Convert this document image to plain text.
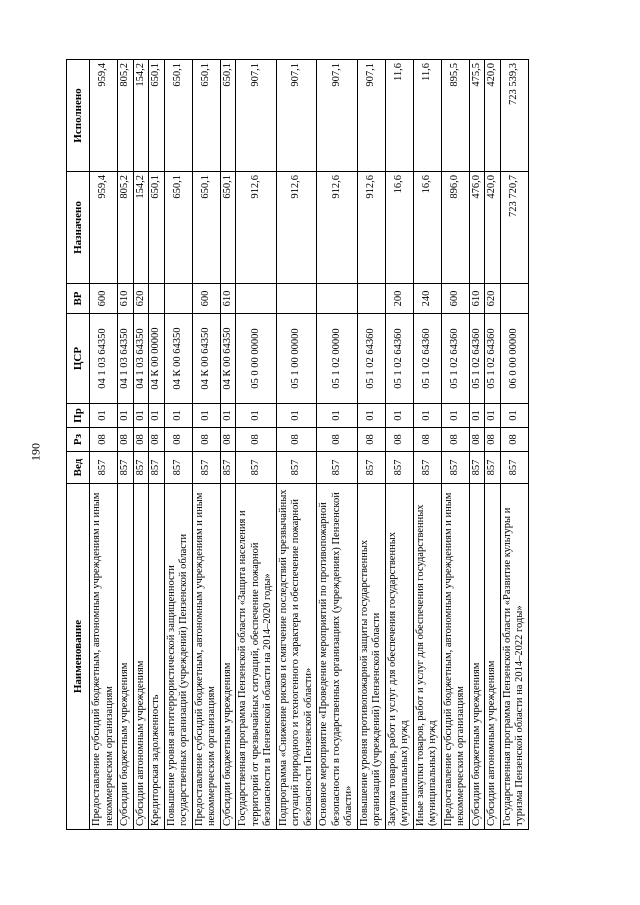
190
Наименование	Вед	Рз	Пр	ЦСР	ВР	Назначено	Исполнено
Предоставление субсидий бюджетным, автономным учреждениям и иным некоммерческим организациям	857	08	01	04 1 03 64350	600	959,4	959,4
Субсидии бюджетным учреждениям	857	08	01	04 1 03 64350	610	805,2	805,2
Субсидии автономным учреждениям	857	08	01	04 1 03 64350	620	154,2	154,2
Кредиторская задолженность	857	08	01	04 К 00 00000		650,1	650,1
Повышение уровня антитеррористической защищенности государственных организаций (учреждений) Пензенской области	857	08	01	04 К 00 64350		650,1	650,1
Предоставление субсидий бюджетным, автономным учреждениям и иным некоммерческим организациям	857	08	01	04 К 00 64350	600	650,1	650,1
Субсидии бюджетным учреждениям	857	08	01	04 К 00 64350	610	650,1	650,1
Государственная программа Пензенской области «Защита населения и территорий от чрезвычайных ситуаций, обеспечение пожарной безопасности в Пензенской области на 2014–2020 годы»	857	08	01	05 0 00 00000		912,6	907,1
Подпрограмма «Снижение рисков и смягчение последствий чрезвычайных ситуаций природного и техногенного характера и обеспечение пожарной безопасности Пензенской области»	857	08	01	05 1 00 00000		912,6	907,1
Основное мероприятие «Проведение мероприятий по противопожарной безопасности в государственных организациях (учреждениях) Пензенской области»	857	08	01	05 1 02 00000		912,6	907,1
Повышение уровня противопожарной защиты государственных организаций (учреждений) Пензенской области	857	08	01	05 1 02 64360		912,6	907,1
Закупка товаров, работ и услуг для обеспечения государственных (муниципальных) нужд	857	08	01	05 1 02 64360	200	16,6	11,6
Иные закупки товаров, работ и услуг для обеспечения государственных (муниципальных) нужд	857	08	01	05 1 02 64360	240	16,6	11,6
Предоставление субсидий бюджетным, автономным учреждениям и иным некоммерческим организациям	857	08	01	05 1 02 64360	600	896,0	895,5
Субсидии бюджетным учреждениям	857	08	01	05 1 02 64360	610	476,0	475,5
Субсидии автономным учреждениям	857	08	01	05 1 02 64360	620	420,0	420,0
Государственная программа Пензенской области «Развитие культуры и туризма Пензенской области на 2014–2022 годы»	857	08	01	06 0 00 00000		723 720,7	723 539,3
